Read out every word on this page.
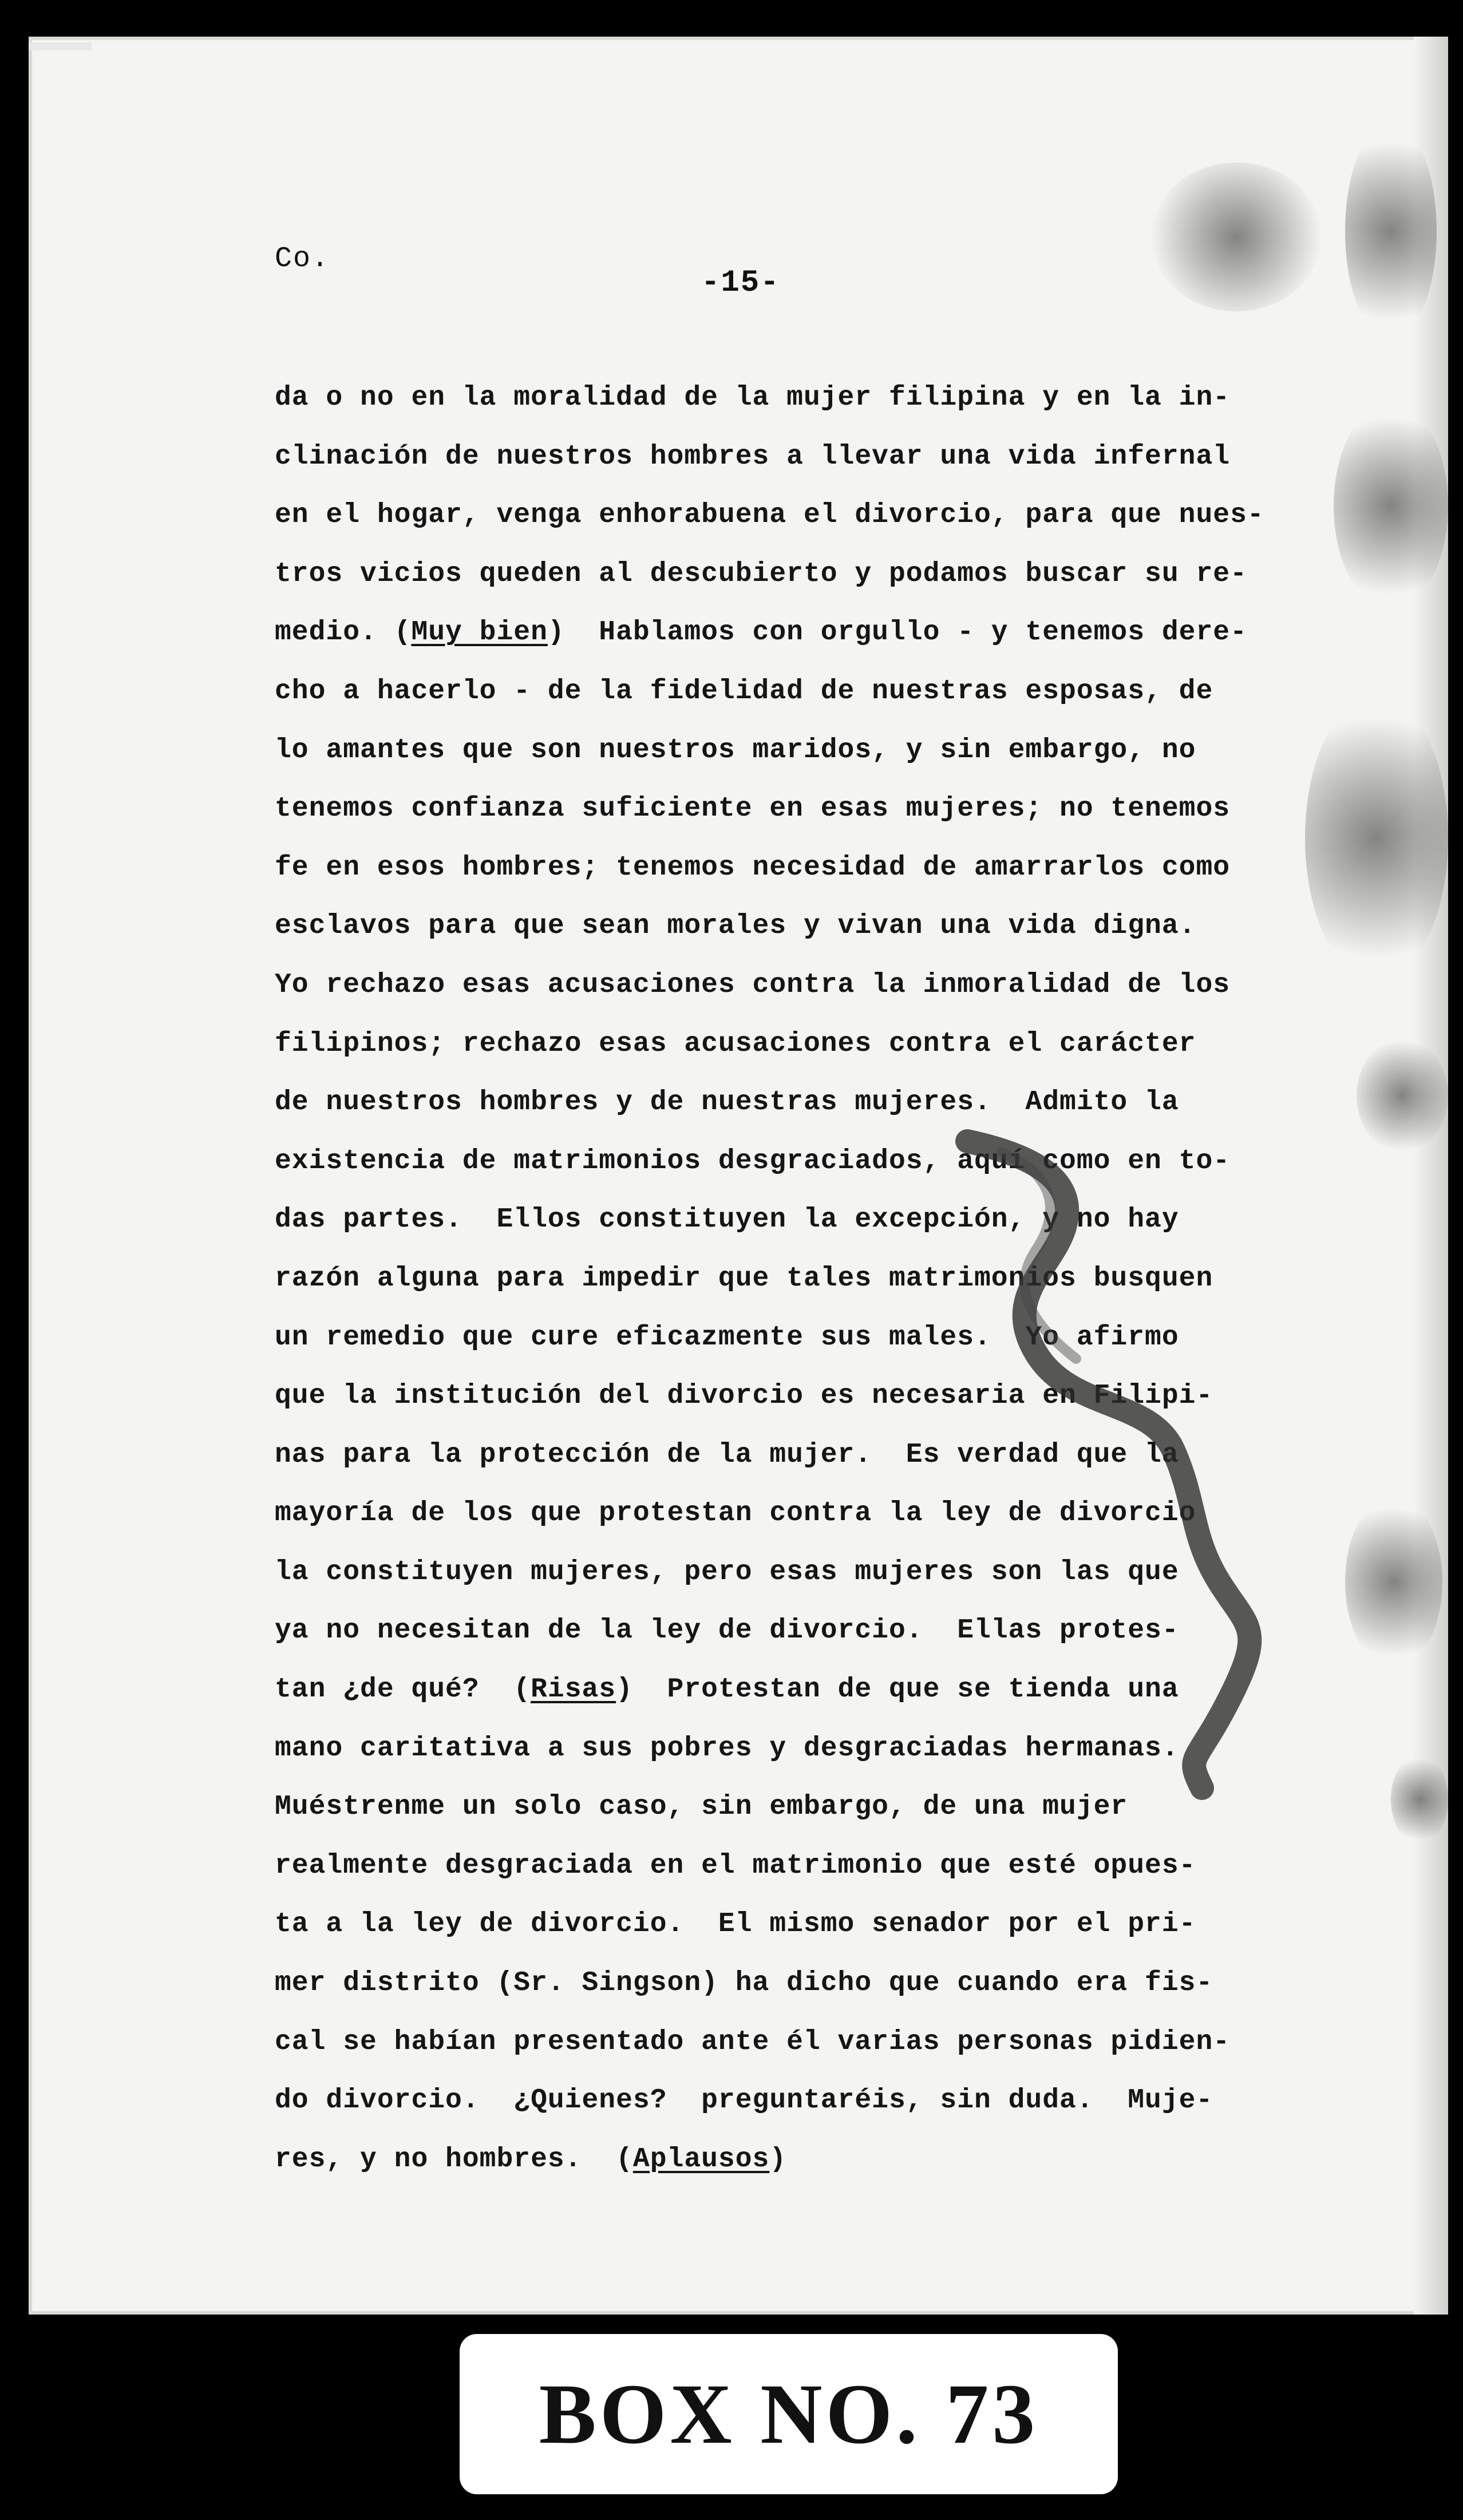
Co.
-15-
da o no en la moralidad de la mujer filipina y en la in-
clinación de nuestros hombres a llevar una vida infernal
en el hogar, venga enhorabuena el divorcio, para que nues-
tros vicios queden al descubierto y podamos buscar su re-
medio. (Muy bien)  Hablamos con orgullo - y tenemos dere-
cho a hacerlo - de la fidelidad de nuestras esposas, de
lo amantes que son nuestros maridos, y sin embargo, no
tenemos confianza suficiente en esas mujeres; no tenemos
fe en esos hombres; tenemos necesidad de amarrarlos como
esclavos para que sean morales y vivan una vida digna.
Yo rechazo esas acusaciones contra la inmoralidad de los
filipinos; rechazo esas acusaciones contra el carácter
de nuestros hombres y de nuestras mujeres.  Admito la
existencia de matrimonios desgraciados, aquí como en to-
das partes.  Ellos constituyen la excepción, y no hay
razón alguna para impedir que tales matrimonios busquen
un remedio que cure eficazmente sus males.  Yo afirmo
que la institución del divorcio es necesaria en Filipi-
nas para la protección de la mujer.  Es verdad que la
mayoría de los que protestan contra la ley de divorcio
la constituyen mujeres, pero esas mujeres son las que
ya no necesitan de la ley de divorcio.  Ellas protes-
tan ¿de qué?  (Risas)  Protestan de que se tienda una
mano caritativa a sus pobres y desgraciadas hermanas.
Muéstrenme un solo caso, sin embargo, de una mujer
realmente desgraciada en el matrimonio que esté opues-
ta a la ley de divorcio.  El mismo senador por el pri-
mer distrito (Sr. Singson) ha dicho que cuando era fis-
cal se habían presentado ante él varias personas pidien-
do divorcio.  ¿Quienes?  preguntaréis, sin duda.  Muje-
res, y no hombres.  (Aplausos)
BOX NO. 73
